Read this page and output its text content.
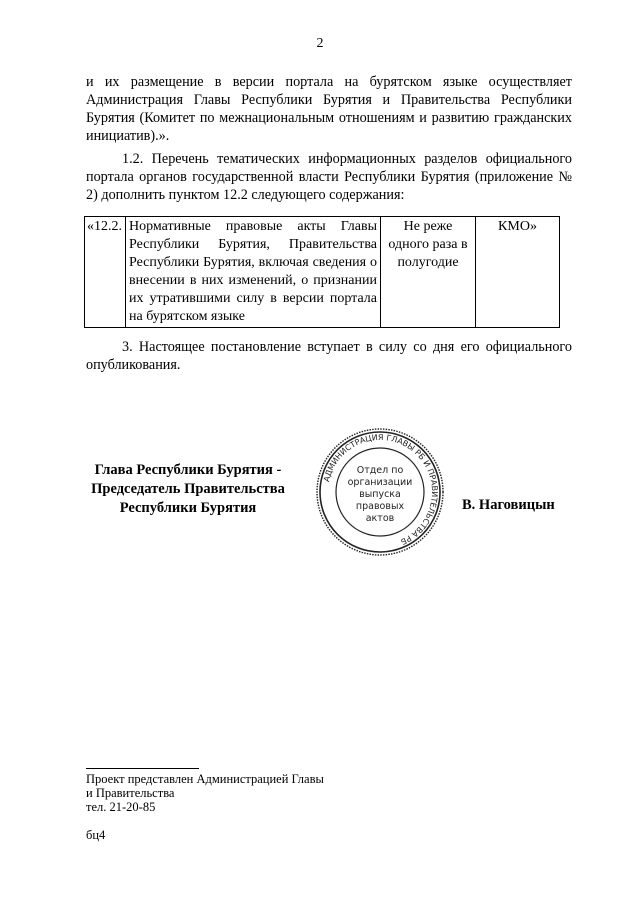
2
и их размещение в версии портала на бурятском языке осуществляет Администрация Главы Республики Бурятия и Правительства Республики Бурятия (Комитет по межнациональным отношениям и развитию гражданских инициатив).».
1.2. Перечень тематических информационных разделов официального портала органов государственной власти Республики Бурятия (приложение № 2) дополнить пунктом 12.2 следующего содержания:
«12.2.	Нормативные правовые акты Главы Республики Бурятия, Правительства Республики Бурятия, включая сведения о внесении в них изменений, о признании их утратившими силу в версии портала на бурятском языке	Не реже одного раза в полугодие	КМО»
3. Настоящее постановление вступает в силу со дня его официального опубликования.
Глава Республики Бурятия -
Председатель Правительства
Республики Бурятия
АДМИНИСТРАЦИЯ ГЛАВЫ РБ И ПРАВИТЕЛЬСТВА РБ
Отдел по
организации
выпуска
правовых
актов
В. Наговицын
Проект представлен Администрацией Главы
и Правительства
тел. 21-20-85
бц4
